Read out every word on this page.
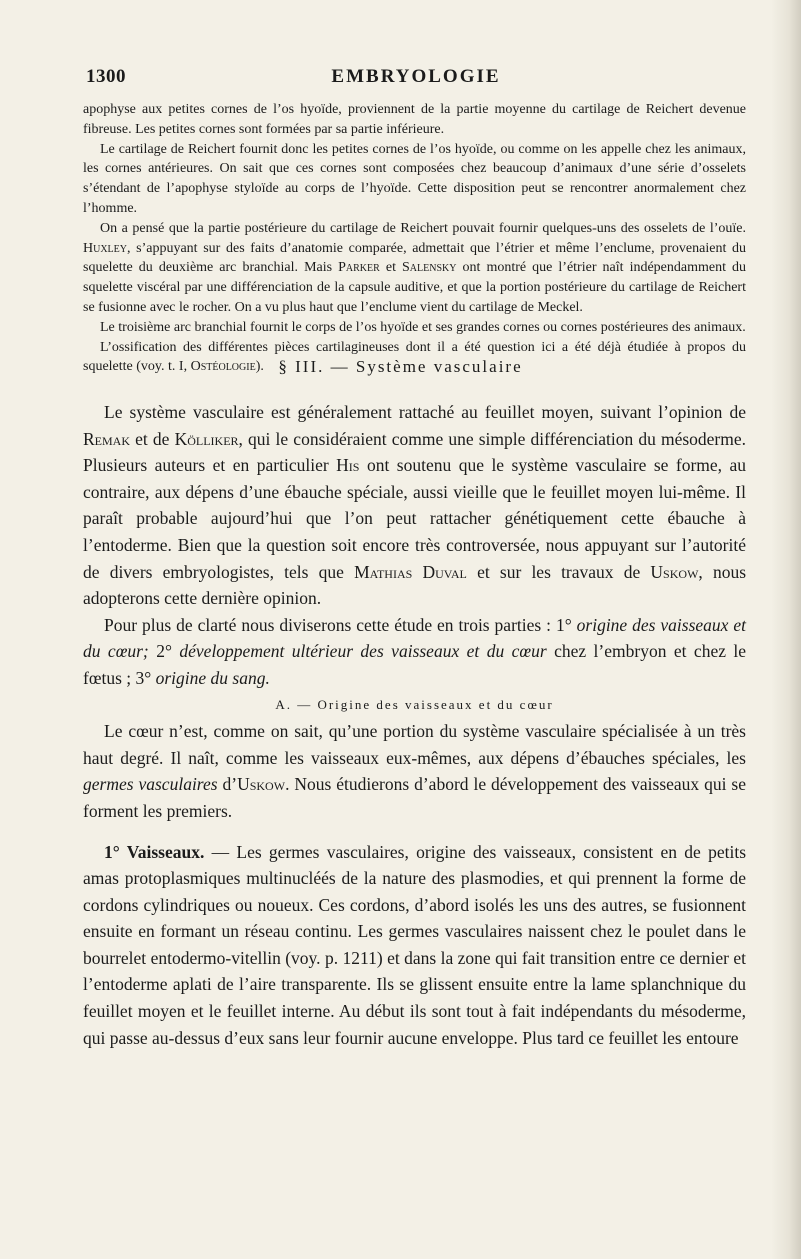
1300	EMBRYOLOGIE

apophyse aux petites cornes de l’os hyoïde, proviennent de la partie moyenne du cartilage de Reichert devenue fibreuse. Les petites cornes sont formées par sa partie inférieure.

Le cartilage de Reichert fournit donc les petites cornes de l’os hyoïde, ou comme on les appelle chez les animaux, les cornes antérieures. On sait que ces cornes sont composées chez beaucoup d’animaux d’une série d’osselets s’étendant de l’apophyse styloïde au corps de l’hyoïde. Cette disposition peut se rencontrer anormalement chez l’homme.

On a pensé que la partie postérieure du cartilage de Reichert pouvait fournir quelques-uns des osselets de l’ouïe. Huxley, s’appuyant sur des faits d’anatomie comparée, admettait que l’étrier et même l’enclume, provenaient du squelette du deuxième arc branchial. Mais Parker et Salensky ont montré que l’étrier naît indépendamment du squelette viscéral par une différenciation de la capsule auditive, et que la portion postérieure du cartilage de Reichert se fusionne avec le rocher. On a vu plus haut que l’enclume vient du cartilage de Meckel.

Le troisième arc branchial fournit le corps de l’os hyoïde et ses grandes cornes ou cornes postérieures des animaux.

L’ossification des différentes pièces cartilagineuses dont il a été question ici a été déjà étudiée à propos du squelette (voy. t. I, Ostéologie). § III. — Système vasculaire

Le système vasculaire est généralement rattaché au feuillet moyen, suivant l’opinion de Remak et de Kölliker, qui le considéraient comme une simple différenciation du mésoderme. Plusieurs auteurs et en particulier His ont soutenu que le système vasculaire se forme, au contraire, aux dépens d’une ébauche spéciale, aussi vieille que le feuillet moyen lui-même. Il paraît probable aujourd’hui que l’on peut rattacher génétiquement cette ébauche à l’entoderme. Bien que la question soit encore très controversée, nous appuyant sur l’autorité de divers embryologistes, tels que Mathias Duval et sur les travaux de Uskow, nous adopterons cette dernière opinion.

Pour plus de clarté nous diviserons cette étude en trois parties : 1° origine des vaisseaux et du cœur; 2° développement ultérieur des vaisseaux et du cœur chez l’embryon et chez le fœtus ; 3° origine du sang.

A. — Origine des vaisseaux et du cœur

Le cœur n’est, comme on sait, qu’une portion du système vasculaire spécialisée à un très haut degré. Il naît, comme les vaisseaux eux-mêmes, aux dépens d’ébauches spéciales, les germes vasculaires d’Uskow. Nous étudierons d’abord le développement des vaisseaux qui se forment les premiers.

1° Vaisseaux. — Les germes vasculaires, origine des vaisseaux, consistent en de petits amas protoplasmiques multinucléés de la nature des plasmodies, et qui prennent la forme de cordons cylindriques ou noueux. Ces cordons, d’abord isolés les uns des autres, se fusionnent ensuite en formant un réseau continu. Les germes vasculaires naissent chez le poulet dans le bourrelet entodermo-vitellin (voy. p. 1211) et dans la zone qui fait transition entre ce dernier et l’entoderme aplati de l’aire transparente. Ils se glissent ensuite entre la lame splanchnique du feuillet moyen et le feuillet interne. Au début ils sont tout à fait indépendants du mésoderme, qui passe au-dessus d’eux sans leur fournir aucune enveloppe. Plus tard ce feuillet les entoure
